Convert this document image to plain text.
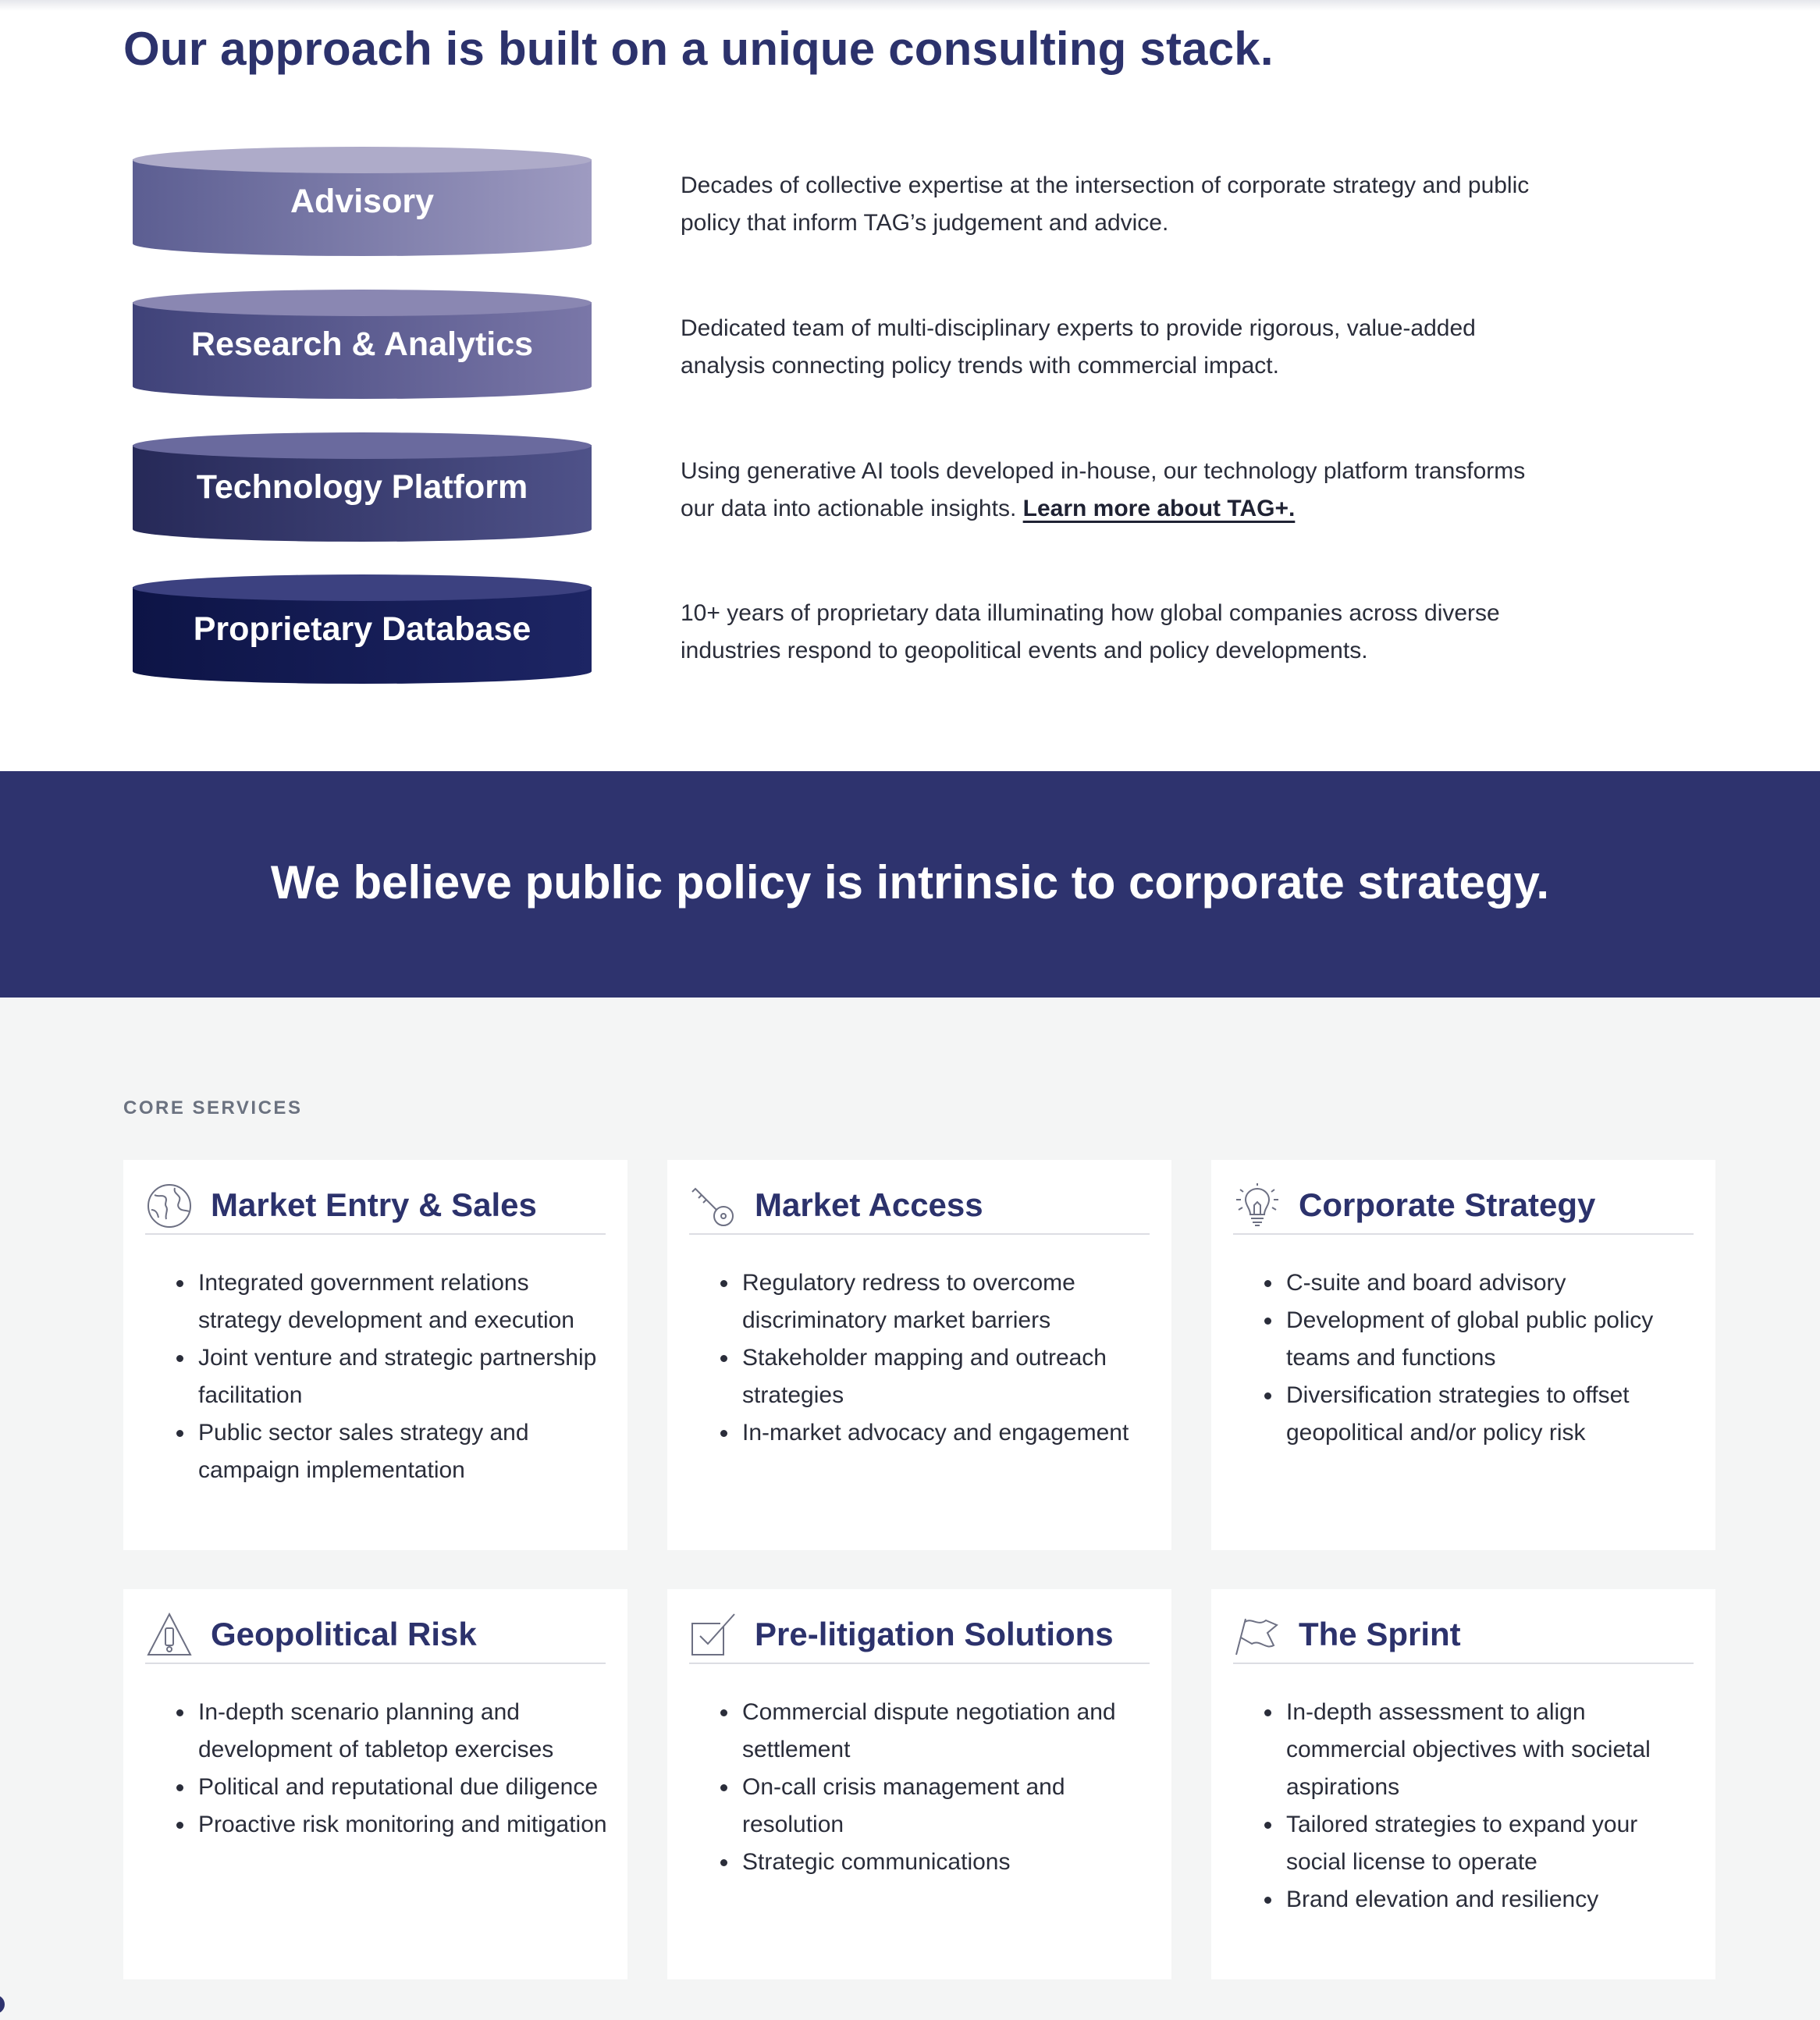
Our approach is built on a unique consulting stack.
Advisory
Research & Analytics
Technology Platform
Proprietary Database

Decades of collective expertise at the intersection of corporate strategy and public policy that inform TAG’s judgement and advice.

Dedicated team of multi-disciplinary experts to provide rigorous, value-added analysis connecting policy trends with commercial impact.

Using generative AI tools developed in-house, our technology platform transforms our data into actionable insights. Learn more about TAG+.

10+ years of proprietary data illuminating how global companies across diverse industries respond to geopolitical events and policy developments.

We believe public policy is intrinsic to corporate strategy.
CORE SERVICES
Market Entry & Sales
Integrated government relations strategy development and execution
Joint venture and strategic partnership facilitation
Public sector sales strategy and campaign implementation
Market Access
Regulatory redress to overcome discriminatory market barriers
Stakeholder mapping and outreach strategies
In-market advocacy and engagement
Corporate Strategy
C-suite and board advisory
Development of global public policy teams and functions
Diversification strategies to offset geopolitical and/or policy risk
Geopolitical Risk
In-depth scenario planning and development of tabletop exercises
Political and reputational due diligence
Proactive risk monitoring and mitigation
Pre-litigation Solutions
Commercial dispute negotiation and settlement
On-call crisis management and resolution
Strategic communications
The Sprint
In-depth assessment to align commercial objectives with societal aspirations
Tailored strategies to expand your social license to operate
Brand elevation and resiliency
